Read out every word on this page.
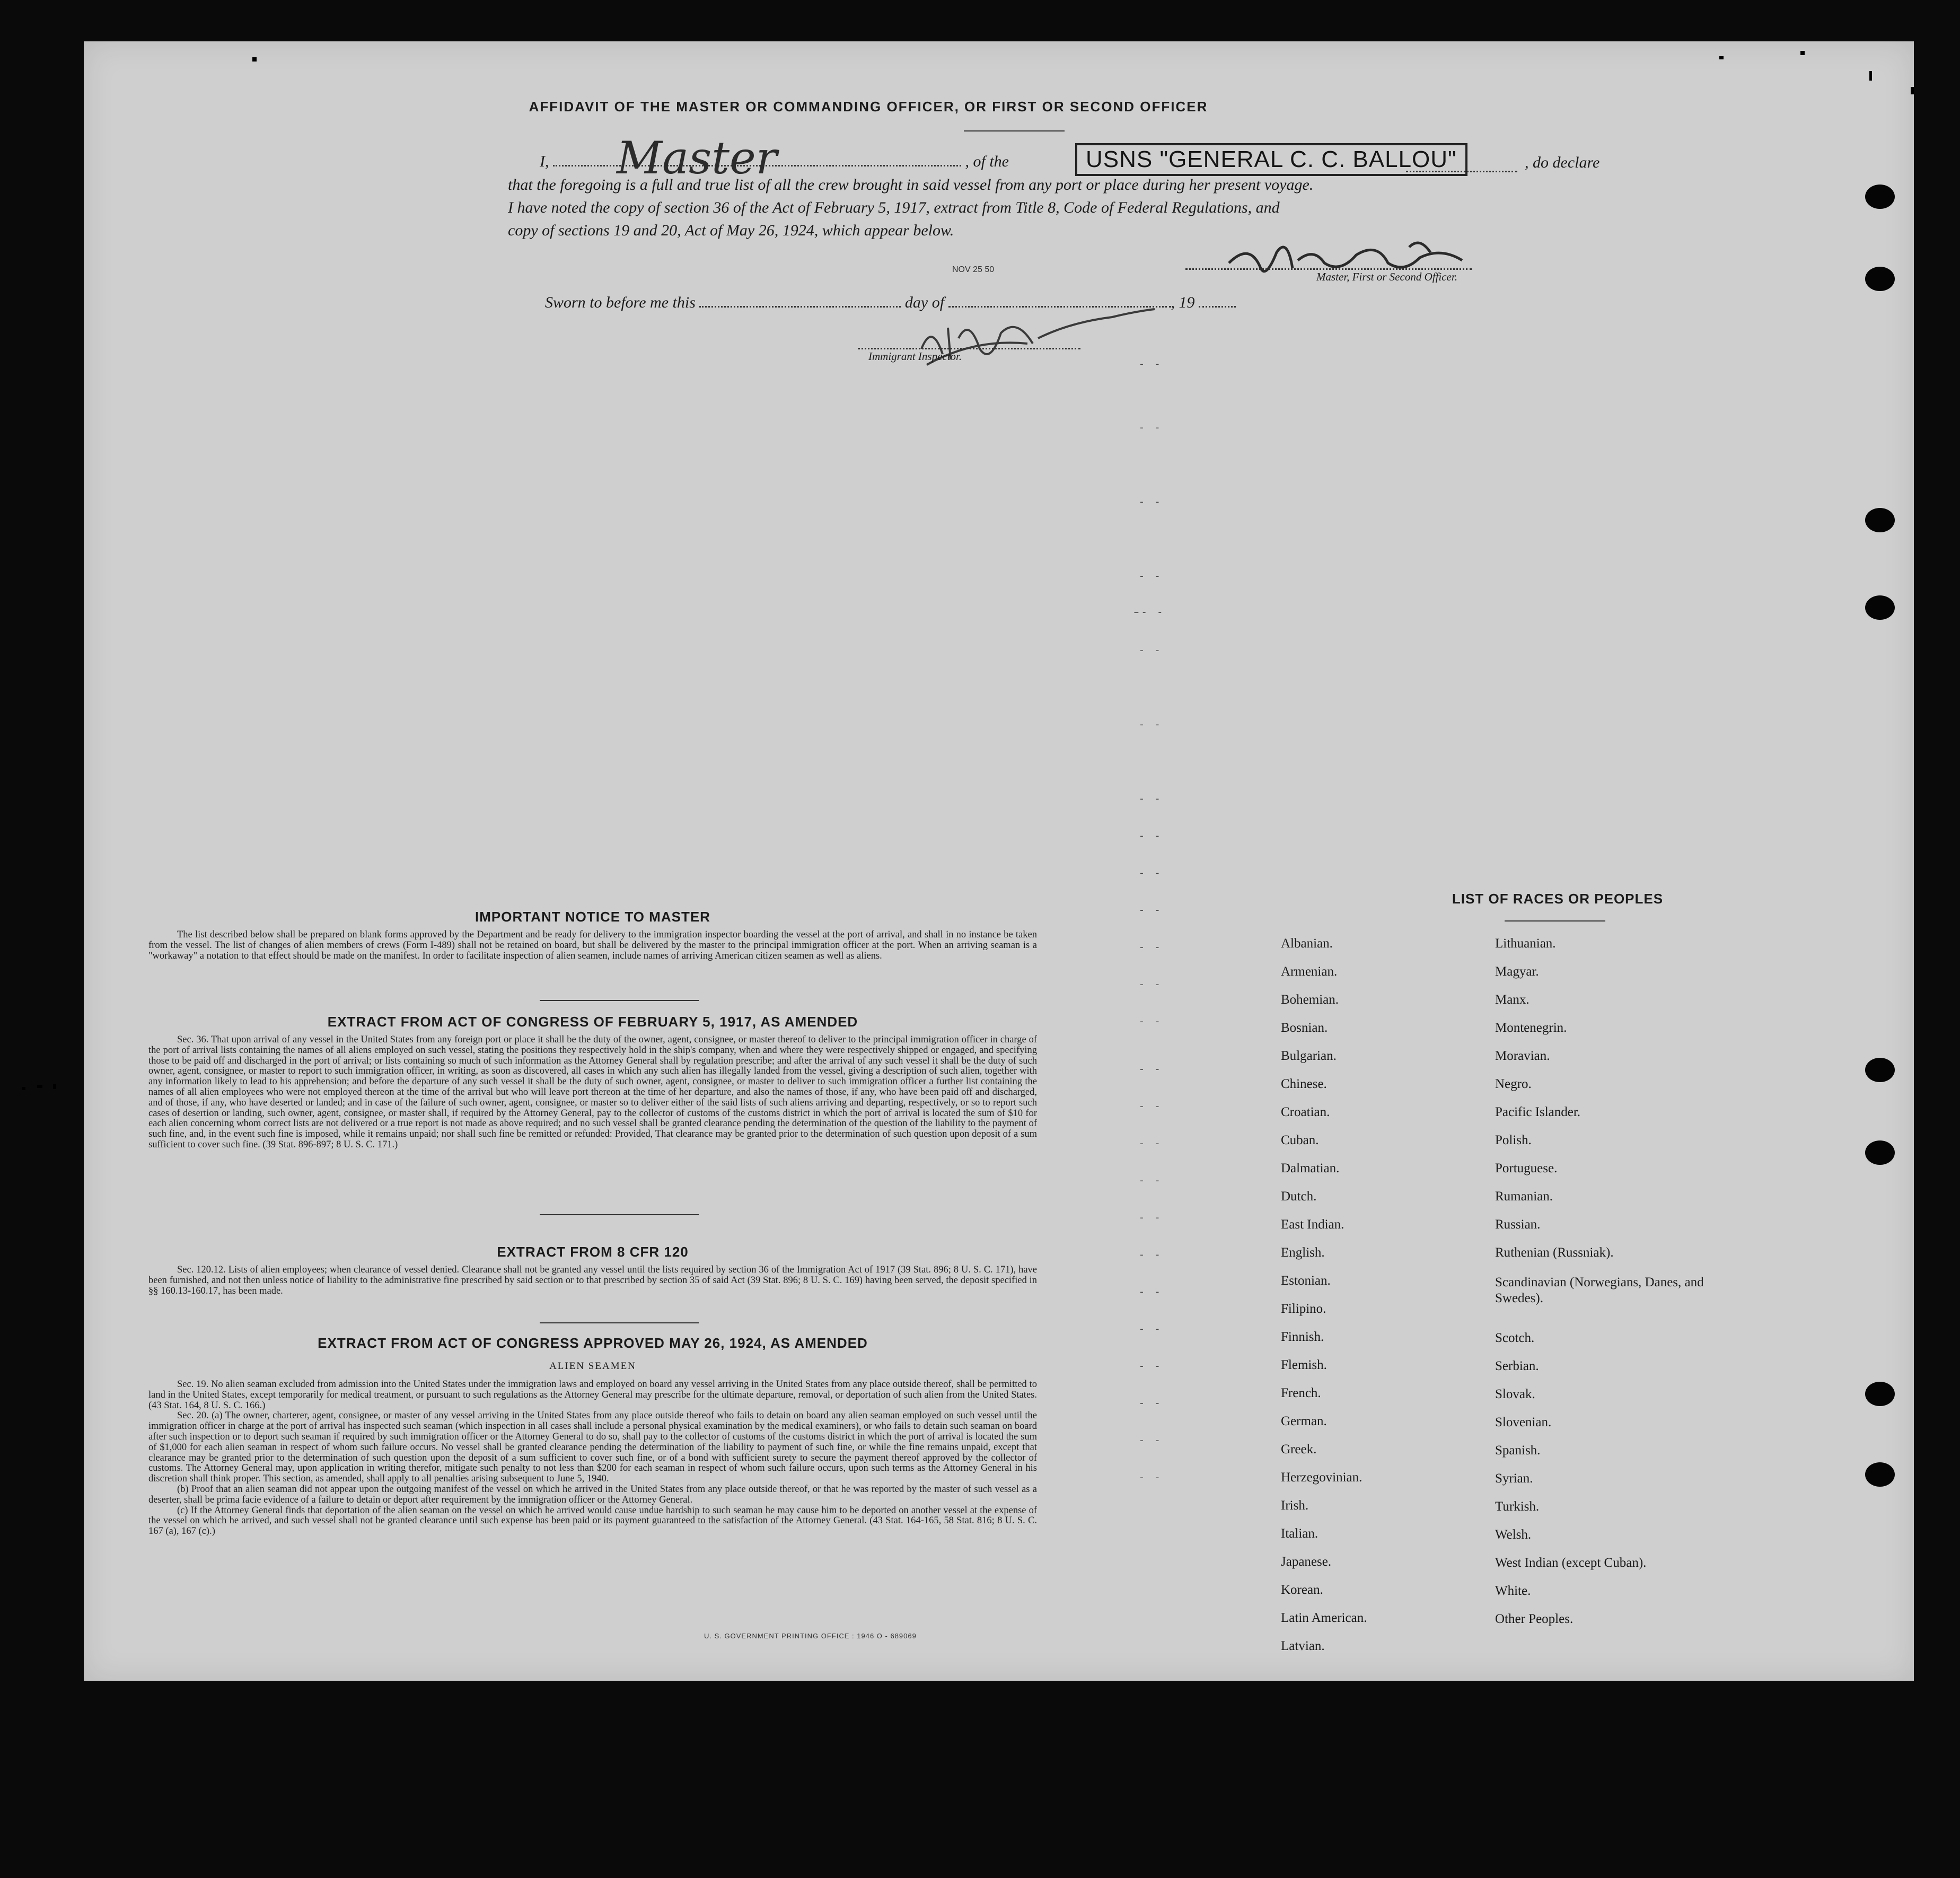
AFFIDAVIT OF THE MASTER OR COMMANDING OFFICER, OR FIRST OR SECOND OFFICER
I, Master	, of the	USNS "GENERAL C. C. BALLOU"	, do declare
that the foregoing is a full and true list of all the crew brought in said vessel from any port or place during her present voyage.
I have noted the copy of section 36 of the Act of February 5, 1917, extract from Title 8, Code of Federal Regulations, and
copy of sections 19 and 20, Act of May 26, 1924, which appear below.
Master, First or Second Officer.
NOV 25 50
Sworn to before me this	day of	, 19
Immigrant Inspector.
- -
- -
- -
- -
–- -
- -
- -
- -
- -
- -
- -
- -
- -
- -
- -
- -
- -
- -
- -
- -
- -
- -
- -
- -
- -
- -
IMPORTANT NOTICE TO MASTER

The list described below shall be prepared on blank forms approved by the Department and be ready for delivery to the immigration inspector boarding the vessel at the port of arrival, and shall in no instance be taken from the vessel. The list of changes of alien members of crews (Form I-489) shall not be retained on board, but shall be delivered by the master to the principal immigration officer at the port. When an arriving seaman is a "workaway" a notation to that effect should be made on the manifest. In order to facilitate inspection of alien seamen, include names of arriving American citizen seamen as well as aliens.

EXTRACT FROM ACT OF CONGRESS OF FEBRUARY 5, 1917, AS AMENDED

Sec. 36. That upon arrival of any vessel in the United States from any foreign port or place it shall be the duty of the owner, agent, consignee, or master thereof to deliver to the principal immigration officer in charge of the port of arrival lists containing the names of all aliens employed on such vessel, stating the positions they respectively hold in the ship's company, when and where they were respectively shipped or engaged, and specifying those to be paid off and discharged in the port of arrival; or lists containing so much of such information as the Attorney General shall by regulation prescribe; and after the arrival of any such vessel it shall be the duty of such owner, agent, consignee, or master to report to such immigration officer, in writing, as soon as discovered, all cases in which any such alien has illegally landed from the vessel, giving a description of such alien, together with any information likely to lead to his apprehension; and before the departure of any such vessel it shall be the duty of such owner, agent, consignee, or master to deliver to such immigration officer a further list containing the names of all alien employees who were not employed thereon at the time of the arrival but who will leave port thereon at the time of her departure, and also the names of those, if any, who have been paid off and discharged, and of those, if any, who have deserted or landed; and in case of the failure of such owner, agent, consignee, or master so to deliver either of the said lists of such aliens arriving and departing, respectively, or so to report such cases of desertion or landing, such owner, agent, consignee, or master shall, if required by the Attorney General, pay to the collector of customs of the customs district in which the port of arrival is located the sum of $10 for each alien concerning whom correct lists are not delivered or a true report is not made as above required; and no such vessel shall be granted clearance pending the determination of the question of the liability to the payment of such fine, and, in the event such fine is imposed, while it remains unpaid; nor shall such fine be remitted or refunded: Provided, That clearance may be granted prior to the determination of such question upon deposit of a sum sufficient to cover such fine. (39 Stat. 896-897; 8 U. S. C. 171.)

EXTRACT FROM 8 CFR 120

Sec. 120.12. Lists of alien employees; when clearance of vessel denied. Clearance shall not be granted any vessel until the lists required by section 36 of the Immigration Act of 1917 (39 Stat. 896; 8 U. S. C. 171), have been furnished, and not then unless notice of liability to the administrative fine prescribed by said section or to that prescribed by section 35 of said Act (39 Stat. 896; 8 U. S. C. 169) having been served, the deposit specified in §§ 160.13-160.17, has been made.

EXTRACT FROM ACT OF CONGRESS APPROVED MAY 26, 1924, AS AMENDED
ALIEN SEAMEN

Sec. 19. No alien seaman excluded from admission into the United States under the immigration laws and employed on board any vessel arriving in the United States from any place outside thereof, shall be permitted to land in the United States, except temporarily for medical treatment, or pursuant to such regulations as the Attorney General may prescribe for the ultimate departure, removal, or deportation of such alien from the United States. (43 Stat. 164, 8 U. S. C. 166.)

Sec. 20. (a) The owner, charterer, agent, consignee, or master of any vessel arriving in the United States from any place outside thereof who fails to detain on board any alien seaman employed on such vessel until the immigration officer in charge at the port of arrival has inspected such seaman (which inspection in all cases shall include a personal physical examination by the medical examiners), or who fails to detain such seaman on board after such inspection or to deport such seaman if required by such immigration officer or the Attorney General to do so, shall pay to the collector of customs of the customs district in which the port of arrival is located the sum of $1,000 for each alien seaman in respect of whom such failure occurs. No vessel shall be granted clearance pending the determination of the liability to payment of such fine, or while the fine remains unpaid, except that clearance may be granted prior to the determination of such question upon the deposit of a sum sufficient to cover such fine, or of a bond with sufficient surety to secure the payment thereof approved by the collector of customs. The Attorney General may, upon application in writing therefor, mitigate such penalty to not less than $200 for each seaman in respect of whom such failure occurs, upon such terms as the Attorney General in his discretion shall think proper. This section, as amended, shall apply to all penalties arising subsequent to June 5, 1940.

(b) Proof that an alien seaman did not appear upon the outgoing manifest of the vessel on which he arrived in the United States from any place outside thereof, or that he was reported by the master of such vessel as a deserter, shall be prima facie evidence of a failure to detain or deport after requirement by the immigration officer or the Attorney General.

(c) If the Attorney General finds that deportation of the alien seaman on the vessel on which he arrived would cause undue hardship to such seaman he may cause him to be deported on another vessel at the expense of the vessel on which he arrived, and such vessel shall not be granted clearance until such expense has been paid or its payment guaranteed to the satisfaction of the Attorney General. (43 Stat. 164-165, 58 Stat. 816; 8 U. S. C. 167 (a), 167 (c).)

U. S. GOVERNMENT PRINTING OFFICE : 1946 O - 689069
LIST OF RACES OR PEOPLES
Albanian.
Armenian.
Bohemian.
Bosnian.
Bulgarian.
Chinese.
Croatian.
Cuban.
Dalmatian.
Dutch.
East Indian.
English.
Estonian.
Filipino.
Finnish.
Flemish.
French.
German.
Greek.
Herzegovinian.
Irish.
Italian.
Japanese.
Korean.
Latin American.
Latvian.
Lithuanian.
Magyar.
Manx.
Montenegrin.
Moravian.
Negro.
Pacific Islander.
Polish.
Portuguese.
Rumanian.
Russian.
Ruthenian (Russniak).
Scandinavian (Norwegians, Danes, and Swedes).
Scotch.
Serbian.
Slovak.
Slovenian.
Spanish.
Syrian.
Turkish.
Welsh.
West Indian (except Cuban).
White.
Other Peoples.
